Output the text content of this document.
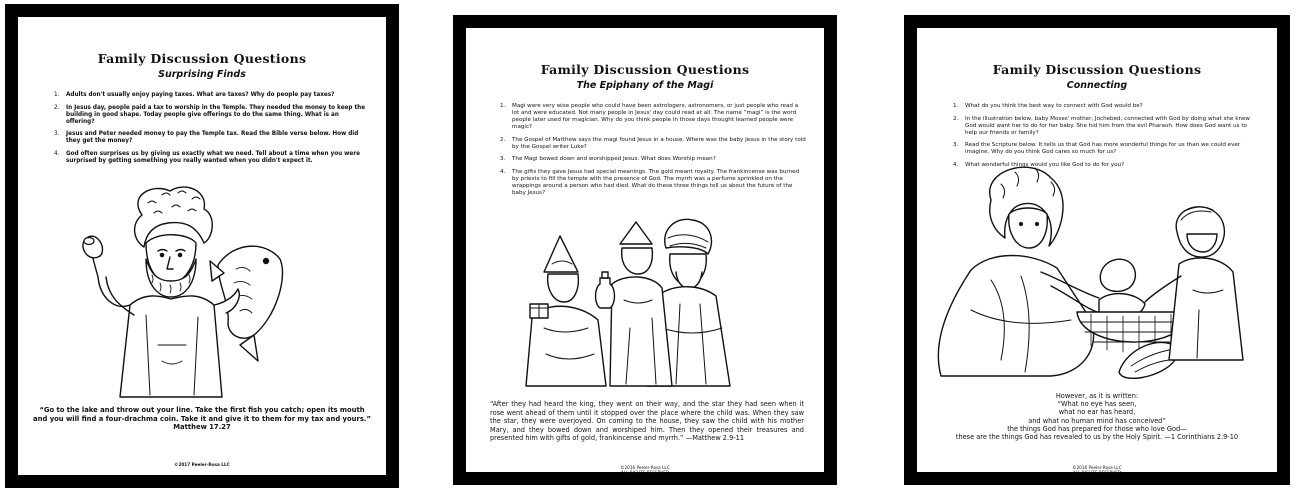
Family Discussion Questions
Surprising Finds
1.	Adults don't usually enjoy paying taxes. What are taxes? Why do people pay taxes?
2.	In Jesus day, people paid a tax to worship in the Temple. They needed the money to keep the building in good shape. Today people give offerings to do the same thing. What is an offering?
3.	Jesus and Peter needed money to pay the Temple tax. Read the Bible verse below. How did they get the money?
4.	God often surprises us by giving us exactly what we need. Tell about a time when you were surprised by getting something you really wanted when you didn't expect it.
“Go to the lake and throw out your line. Take the first fish you catch; open its mouth and you will find a four-drachma coin. Take it and give it to them for my tax and yours.”
Matthew 17.27
©2017 Peeler-Rosa LLC
Family Discussion Questions
The Epiphany of the Magi
1.	Magi were very wise people who could have been astrologers, astronomers, or just people who read a lot and were educated. Not many people in Jesus' day could read at all. The name “magi” is the word people later used for magician. Why do you think people in those days thought learned people were magic?
2.	The Gospel of Matthew says the magi found Jesus in a house. Where was the baby Jesus in the story told by the Gospel writer Luke?
3.	The Magi bowed down and worshipped Jesus. What does Worship mean?
4.	The gifts they gave Jesus had special meanings. The gold meant royalty. The frankincense was burned by priests to fill the temple with the presence of God. The myrrh was a perfume sprinkled on the wrappings around a person who had died. What do these three things tell us about the future of the baby Jesus?
“After they had heard the king, they went on their way, and the star they had seen when it rose went ahead of them until it stopped over the place where the child was. When they saw the star, they were overjoyed. On coming to the house, they saw the child with his mother Mary, and they bowed down and worshiped him. Then they opened their treasures and presented him with gifts of gold, frankincense and myrrh.” —Matthew 2.9-11
©2016 Peeler-Rosa LLC
ALL RIGHTS RESERVED
Family Discussion Questions
Connecting
1.	What do you think the best way to connect with God would be?
2.	In the illustration below, baby Moses' mother, Jochebed, connected with God by doing what she knew God would want her to do for her baby. She hid him from the evil Pharaoh. How does God want us to help our friends or family?
3.	Read the Scripture below. It tells us that God has more wonderful things for us than we could ever imagine. Why do you think God cares so much for us?
4.	What wonderful things would you like God to do for you?
However, as it is written:
“What no eye has seen,
what no ear has heard,
and what no human mind has conceived”
the things God has prepared for those who love God—
these are the things God has revealed to us by the Holy Spirit. —1 Corinthians 2.9-10
©2016 Peeler-Rosa LLC
ALL RIGHTS RESERVED
